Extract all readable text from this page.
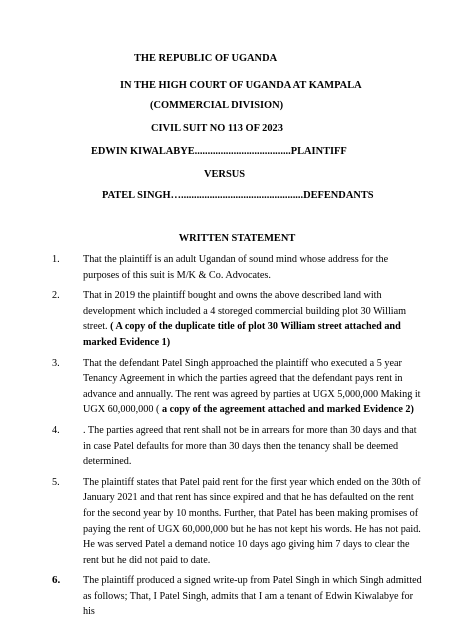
THE REPUBLIC OF UGANDA
IN THE HIGH COURT OF UGANDA AT KAMPALA
(COMMERCIAL DIVISION)
CIVIL SUIT NO 113 OF 2023
EDWIN KIWALABYE.....................................PLAINTIFF
VERSUS
PATEL SINGH…...............................................DEFENDANTS
WRITTEN STATEMENT
1. That the plaintiff is an adult Ugandan of sound mind whose address for the purposes of this suit is M/K & Co. Advocates.
2. That in 2019 the plaintiff bought and owns the above described land with development which included a 4 storeged commercial building plot 30 William street. ( A copy of the duplicate title of plot 30 William street attached and marked Evidence 1)
3. That the defendant Patel Singh approached the plaintiff who executed a 5 year Tenancy Agreement in which the parties agreed that the defendant pays rent in advance and annually. The rent was agreed by parties at UGX 5,000,000 Making it UGX 60,000,000 ( a copy of the agreement attached and marked Evidence 2)
4. . The parties agreed that rent shall not be in arrears for more than 30 days and that in case Patel defaults for more than 30 days then the tenancy shall be deemed determined.
5. The plaintiff states that Patel paid rent for the first year which ended on the 30th of January 2021 and that rent has since expired and that he has defaulted on the rent for the second year by 10 months. Further, that Patel has been making promises of paying the rent of UGX 60,000,000 but he has not kept his words. He has not paid. He was served Patel a demand notice 10 days ago giving him 7 days to clear the rent but he did not paid to date.
6. The plaintiff produced a signed write-up from Patel Singh in which Singh admitted as follows; That, I Patel Singh, admits that I am a tenant of Edwin Kiwalabye for his
